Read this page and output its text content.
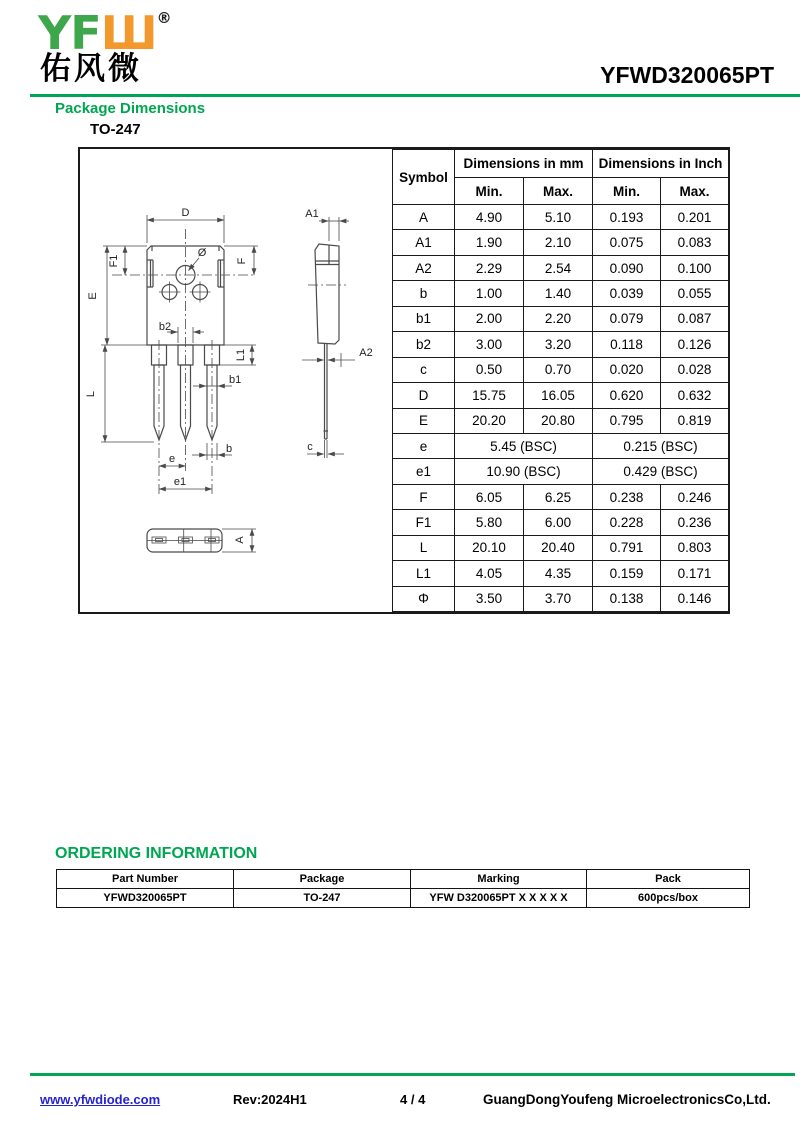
YFШ®
佑风微	YFWD320065PT
Package Dimensions
TO-247
D
F1	F
E
L
b2
L1
b1
b
e
e1
Ø
A1
A2
c
A
Symbol	Dimensions in mm		Dimensions in Inch	
	Min.	Max.	Min.	Max.
A	4.90	5.10	0.193	0.201
A1	1.90	2.10	0.075	0.083
A2	2.29	2.54	0.090	0.100
b	1.00	1.40	0.039	0.055
b1	2.00	2.20	0.079	0.087
b2	3.00	3.20	0.118	0.126
c	0.50	0.70	0.020	0.028
D	15.75	16.05	0.620	0.632
E	20.20	20.80	0.795	0.819
e	5.45 (BSC)		0.215 (BSC)	
e1	10.90 (BSC)		0.429 (BSC)	
F	6.05	6.25	0.238	0.246
F1	5.80	6.00	0.228	0.236
L	20.10	20.40	0.791	0.803
L1	4.05	4.35	0.159	0.171
Φ	3.50	3.70	0.138	0.146
ORDERING INFORMATION
Part Number	Package	Marking	Pack
YFWD320065PT	TO-247	YFW D320065PT X X X X X	600pcs/box
www.yfwdiode.com	Rev:2024H1	4 / 4	GuangDongYoufeng MicroelectronicsCo,Ltd.
